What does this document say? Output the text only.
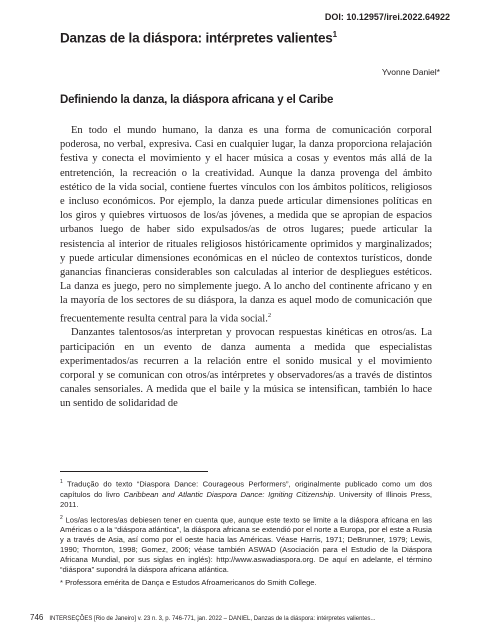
DOI: 10.12957/irei.2022.64922
Danzas de la diáspora: intérpretes valientes$^1$
Yvonne Daniel*
Definiendo la danza, la diáspora africana y el Caribe

En todo el mundo humano, la danza es una forma de comunicación corporal poderosa, no verbal, expresiva. Casi en cualquier lugar, la danza proporciona relajación festiva y conecta el movimiento y el hacer música a cosas y eventos más allá de la entretención, la recreación o la creatividad. Aunque la danza provenga del ámbito estético de la vida social, contiene fuertes vínculos con los ámbitos políticos, religiosos e incluso económicos. Por ejemplo, la danza puede articular dimensiones políticas en los giros y quiebres virtuosos de los/as jóvenes, a medida que se apropian de espacios urbanos luego de haber sido expulsados/as de otros lugares; puede articular la resistencia al interior de rituales religiosos históricamente oprimidos y marginalizados; y puede articular dimensiones económicas en el núcleo de contextos turísticos, donde ganancias financieras considerables son calculadas al interior de despliegues estéticos. La danza es juego, pero no simplemente juego. A lo ancho del continente africano y en la mayoría de los sectores de su diáspora, la danza es aquel modo de comunicación que frecuentemente resulta central para la vida social.$^2$

Danzantes talentosos/as interpretan y provocan respuestas kinéticas en otros/as. La participación en un evento de danza aumenta a medida que especialistas experimentados/as recurren a la relación entre el sonido musical y el movimiento corporal y se comunican con otros/as intérpretes y observadores/as a través de distintos canales sensoriales. A medida que el baile y la música se intensifican, también lo hace un sentido de solidaridad de

$^1$ Tradução do texto “Diaspora Dance: Courageous Performers”, originalmente publicado como um dos capítulos do livro Caribbean and Atlantic Diaspora Dance: Igniting Citizenship. University of Illinois Press, 2011.

$^2$ Los/as lectores/as debiesen tener en cuenta que, aunque este texto se limite a la diáspora africana en las Américas o a la “diáspora atlántica”, la diáspora africana se extendió por el norte a Europa, por el este a Rusia y a través de Asia, así como por el oeste hacia las Américas. Véase Harris, 1971; DeBrunner, 1979; Lewis, 1990; Thornton, 1998; Gomez, 2006; véase también ASWAD (Asociación para el Estudio de la Diáspora Africana Mundial, por sus siglas en inglés): http://www.aswadiaspora.org. De aquí en adelante, el término “diáspora” supondrá la diáspora africana atlántica.

* Professora emérita de Dança e Estudos Afroamericanos do Smith College.

746 INTERSEÇÕES [Rio de Janeiro] v. 23 n. 3, p. 746-771, jan. 2022 – DANIEL, Danzas de la diáspora: intérpretes valientes...
